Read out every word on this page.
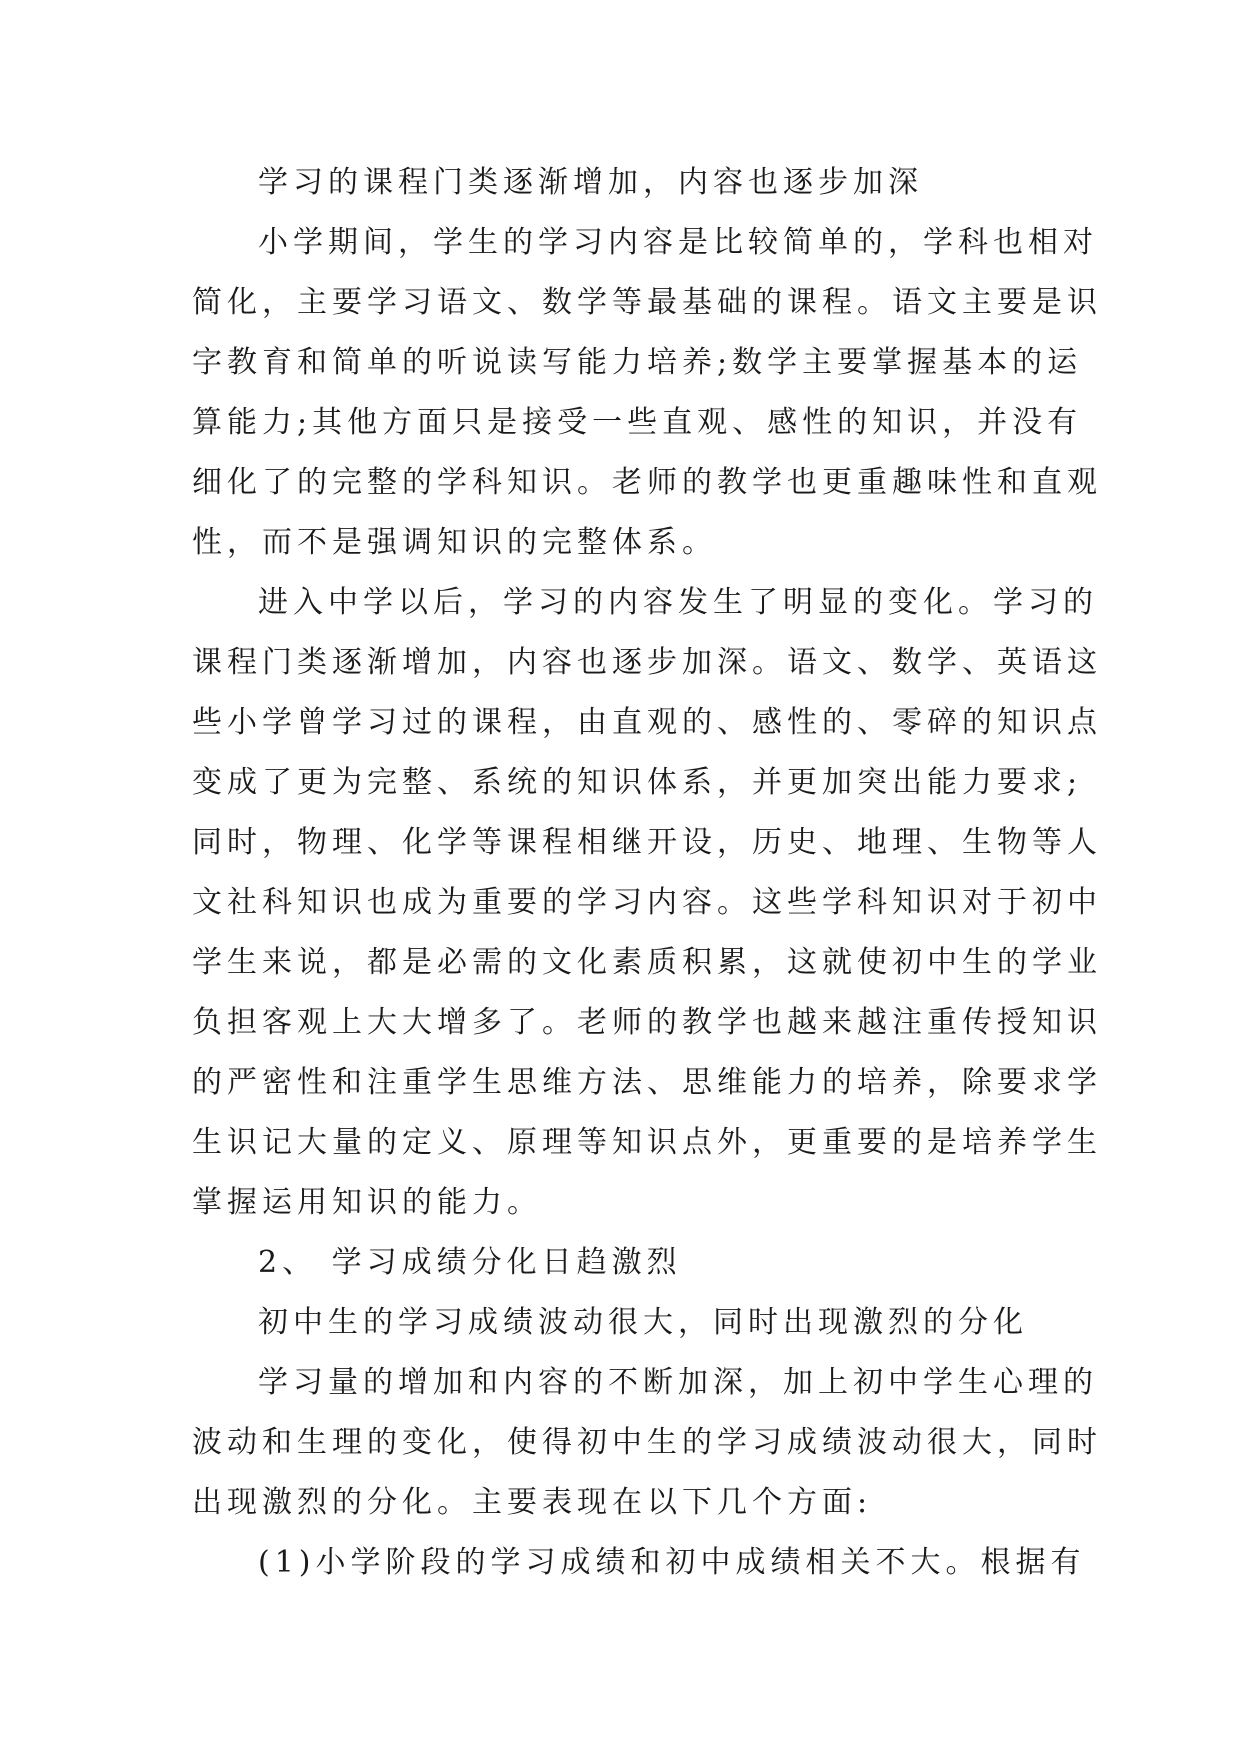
学习的课程门类逐渐增加，内容也逐步加深
小学期间，学生的学习内容是比较简单的，学科也相对
简化，主要学习语文、数学等最基础的课程。语文主要是识
字教育和简单的听说读写能力培养;数学主要掌握基本的运
算能力;其他方面只是接受一些直观、感性的知识，并没有
细化了的完整的学科知识。老师的教学也更重趣味性和直观
性，而不是强调知识的完整体系。
进入中学以后，学习的内容发生了明显的变化。学习的
课程门类逐渐增加，内容也逐步加深。语文、数学、英语这
些小学曾学习过的课程，由直观的、感性的、零碎的知识点
变成了更为完整、系统的知识体系，并更加突出能力要求;
同时，物理、化学等课程相继开设，历史、地理、生物等人
文社科知识也成为重要的学习内容。这些学科知识对于初中
学生来说，都是必需的文化素质积累，这就使初中生的学业
负担客观上大大增多了。老师的教学也越来越注重传授知识
的严密性和注重学生思维方法、思维能力的培养，除要求学
生识记大量的定义、原理等知识点外，更重要的是培养学生
掌握运用知识的能力。
2、 学习成绩分化日趋激烈
初中生的学习成绩波动很大，同时出现激烈的分化
学习量的增加和内容的不断加深，加上初中学生心理的
波动和生理的变化，使得初中生的学习成绩波动很大，同时
出现激烈的分化。主要表现在以下几个方面:
(1)小学阶段的学习成绩和初中成绩相关不大。根据有
